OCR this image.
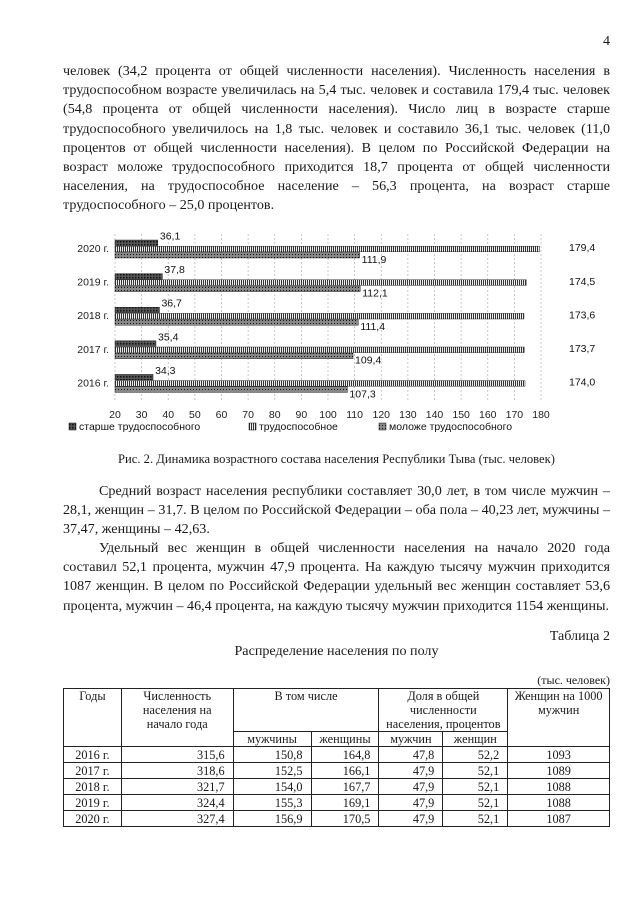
4

человек (34,2 процента от общей численности населения). Численность населения в трудоспособном возрасте увеличилась на 5,4 тыс. человек и составила 179,4 тыс. человек (54,8 процента от общей численности населения). Число лиц в возрасте старше трудоспособного увеличилось на 1,8 тыс. человек и составило 36,1 тыс. человек (11,0 процентов от общей численности населения). В целом по Российской Федерации на возраст моложе трудоспособного приходится 18,7 процента от общей численности населения, на трудоспособное население – 56,3 процента, на возраст старше трудоспособного – 25,0 процентов.

20 30 40 50 60 70 80 90 100 110 120 130 140 150 160 170 180
2020 г.
36,1
179,4
111,9
2019 г.
37,8
174,5
112,1
2018 г.
36,7
173,6
111,4
2017 г.
35,4
173,7
109,4
2016 г.
34,3
174,0
107,3
старше трудоспособного	трудоспособное	моложе трудоспособного
Рис. 2. Динамика возрастного состава населения Республики Тыва (тыс. человек)

Средний возраст населения республики составляет 30,0 лет, в том числе мужчин – 28,1, женщин – 31,7. В целом по Российской Федерации – оба пола – 40,23 лет, мужчины – 37,47, женщины – 42,63.

Удельный вес женщин в общей численности населения на начало 2020 года составил 52,1 процента, мужчин 47,9 процента. На каждую тысячу мужчин приходится 1087 женщин. В целом по Российской Федерации удельный вес женщин составляет 53,6 процента, мужчин – 46,4 процента, на каждую тысячу мужчин приходится 1154 женщины.

Таблица 2
Распределение населения по полу
(тыс. человек)
Годы	Численность населения на начало года	В том числе		Доля в общей численности населения, процентов		Женщин на 1000 мужчин
		мужчины	женщины	мужчин	женщин	
2016 г.	315,6	150,8	164,8	47,8	52,2	1093
2017 г.	318,6	152,5	166,1	47,9	52,1	1089
2018 г.	321,7	154,0	167,7	47,9	52,1	1088
2019 г.	324,4	155,3	169,1	47,9	52,1	1088
2020 г.	327,4	156,9	170,5	47,9	52,1	1087
